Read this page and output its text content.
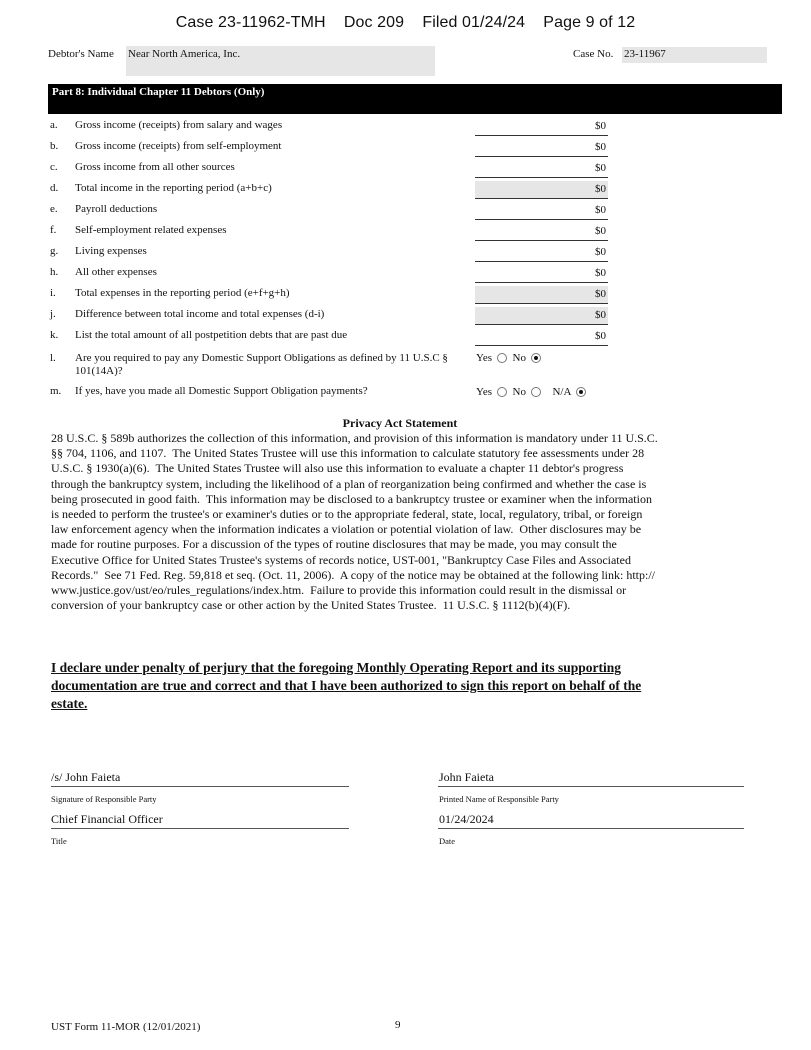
Case 23-11962-TMH    Doc 209    Filed 01/24/24    Page 9 of 12
Debtor's Name Near North America, Inc.	Case No. 23-11967
Part 8: Individual Chapter 11 Debtors (Only)
a. Gross income (receipts) from salary and wages	$0
b. Gross income (receipts) from self-employment	$0
c. Gross income from all other sources	$0
d. Total income in the reporting period (a+b+c)	$0
e. Payroll deductions	$0
f. Self-employment related expenses	$0
g. Living expenses	$0
h. All other expenses	$0
i. Total expenses in the reporting period (e+f+g+h)	$0
j. Difference between total income and total expenses (d-i)	$0
k. List the total amount of all postpetition debts that are past due	$0
l. Are you required to pay any Domestic Support Obligations as defined by 11 U.S.C § 101(14A)?
Yes No
m. If yes, have you made all Domestic Support Obligation payments?	Yes No N/A
Privacy Act Statement
28 U.S.C. § 589b authorizes the collection of this information, and provision of this information is mandatory under 11 U.S.C.
§§ 704, 1106, and 1107.  The United States Trustee will use this information to calculate statutory fee assessments under 28
U.S.C. § 1930(a)(6).  The United States Trustee will also use this information to evaluate a chapter 11 debtor's progress
through the bankruptcy system, including the likelihood of a plan of reorganization being confirmed and whether the case is
being prosecuted in good faith.  This information may be disclosed to a bankruptcy trustee or examiner when the information
is needed to perform the trustee's or examiner's duties or to the appropriate federal, state, local, regulatory, tribal, or foreign
law enforcement agency when the information indicates a violation or potential violation of law.  Other disclosures may be
made for routine purposes. For a discussion of the types of routine disclosures that may be made, you may consult the
Executive Office for United States Trustee's systems of records notice, UST-001, "Bankruptcy Case Files and Associated
Records."  See 71 Fed. Reg. 59,818 et seq. (Oct. 11, 2006).  A copy of the notice may be obtained at the following link: http://
www.justice.gov/ust/eo/rules_regulations/index.htm.  Failure to provide this information could result in the dismissal or
conversion of your bankruptcy case or other action by the United States Trustee.  11 U.S.C. § 1112(b)(4)(F).
I declare under penalty of perjury that the foregoing Monthly Operating Report and its supporting
documentation are true and correct and that I have been authorized to sign this report on behalf of the
estate.
/s/ John Faieta
Signature of Responsible Party
John Faieta
Printed Name of Responsible Party
Chief Financial Officer
Title
01/24/2024
Date
UST Form 11-MOR (12/01/2021)	9
